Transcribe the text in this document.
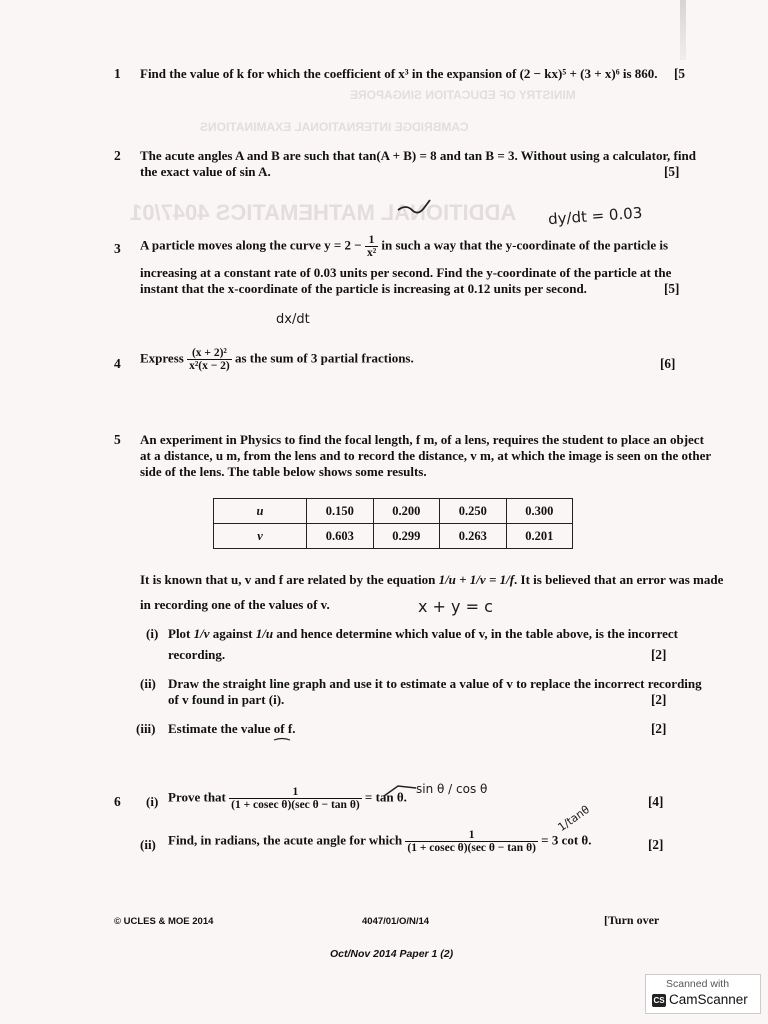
MINISTRY OF EDUCATION SINGAPORE
CAMBRIDGE INTERNATIONAL EXAMINATIONS
ADDITIONAL MATHEMATICS 4047/01
1 Find the value of k for which the coefficient of x³ in the expansion of (2 − kx)⁵ + (3 + x)⁶ is 860. [5
2 The acute angles A and B are such that tan(A + B) = 8 and tan B = 3. Without using a calculator, find
the exact value of sin A.	[5]
3 A particle moves along the curve $y = 2 - \frac{1}{\text{x²}}$ in such a way that the y-coordinate of the particle is
increasing at a constant rate of 0.03 units per second. Find the y-coordinate of the particle at the
instant that the x-coordinate of the particle is increasing at 0.12 units per second.	[5]
4 Express $\frac{\text{(x + 2)²}}{\text{x²(x − 2)}}$ as the sum of 3 partial fractions.	[6]
5 An experiment in Physics to find the focal length, f m, of a lens, requires the student to place an object
at a distance, u m, from the lens and to record the distance, v m, at which the image is seen on the other
side of the lens. The table below shows some results.
u	0.150	0.200	0.250	0.300
v	0.603	0.299	0.263	0.201
It is known that u, v and f are related by the equation 1/u + 1/v = 1/f. It is believed that an error was made
in recording one of the values of v.
(i) Plot 1/v against 1/u and hence determine which value of v, in the table above, is the incorrect
recording.	[2]
(ii) Draw the straight line graph and use it to estimate a value of v to replace the incorrect recording
of v found in part (i).	[2]
(iii) Estimate the value of f.	[2]
6 (i) Prove that $\frac{1}{\text{(1 + cosec θ)(sec θ − tan θ)}} = \tan \theta$.	[4]
(ii) Find, in radians, the acute angle for which $\frac{1}{\text{(1 + cosec θ)(sec θ − tan θ)}} = 3$ cot θ.	[2]
dy/dt = 0.03
dx/dt
x + y = c
sin θ / cos θ
1/tanθ
© UCLES & MOE 2014	4047/01/O/N/14	[Turn over
Oct/Nov 2014 Paper 1 (2)
Scanned with
CS CamScanner
